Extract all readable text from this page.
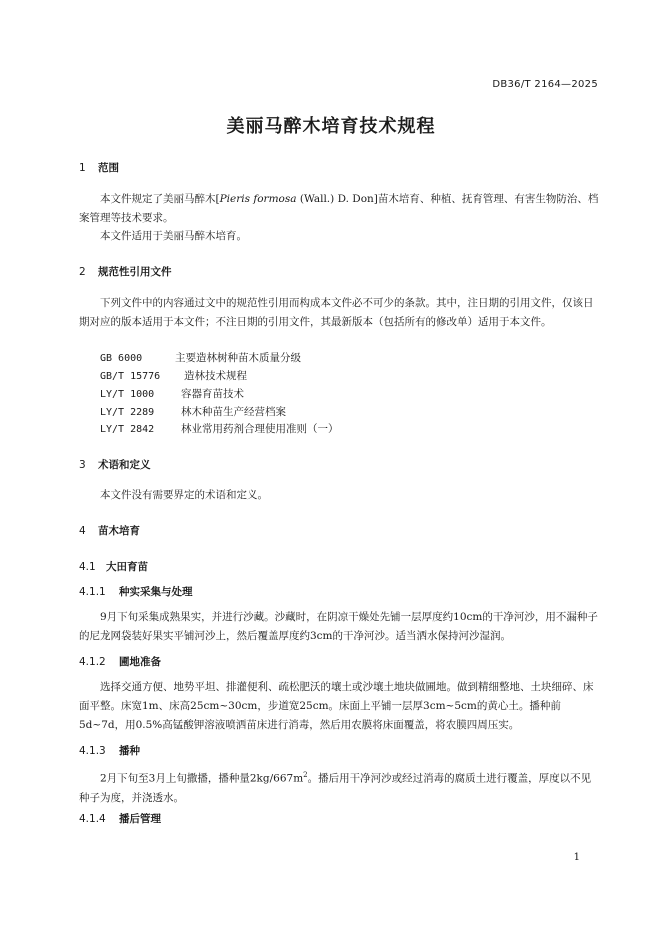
DB36/T 2164—2025
美丽马醉木培育技术规程
1 范围
本文件规定了美丽马醉木[Pieris formosa (Wall.) D. Don]苗木培育、种植、抚育管理、有害生物防治、档案管理等技术要求。
本文件适用于美丽马醉木培育。
2 规范性引用文件
下列文件中的内容通过文中的规范性引用而构成本文件必不可少的条款。其中，注日期的引用文件，仅该日期对应的版本适用于本文件；不注日期的引用文件，其最新版本（包括所有的修改单）适用于本文件。
GB 6000	主要造林树种苗木质量分级
GB/T 15776 造林技术规程
LY/T 1000	容器育苗技术
LY/T 2289	林木种苗生产经营档案
LY/T 2842	林业常用药剂合理使用准则（一）
3 术语和定义
本文件没有需要界定的术语和定义。
4 苗木培育
4.1 大田育苗
4.1.1 种实采集与处理
9月下旬采集成熟果实，并进行沙藏。沙藏时，在阴凉干燥处先铺一层厚度约10cm的干净河沙，用不漏种子的尼龙网袋装好果实平铺河沙上，然后覆盖厚度约3cm的干净河沙。适当洒水保持河沙湿润。
4.1.2 圃地准备
选择交通方便、地势平坦、排灌便利、疏松肥沃的壤土或沙壤土地块做圃地。做到精细整地、土块细碎、床面平整。床宽1m、床高25cm~30cm，步道宽25cm。床面上平铺一层厚3cm~5cm的黄心土。播种前5d~7d，用0.5%高锰酸钾溶液喷洒苗床进行消毒，然后用农膜将床面覆盖，将农膜四周压实。
4.1.3 播种
2月下旬至3月上旬撒播，播种量$2kg/667m^2$。播后用干净河沙或经过消毒的腐质土进行覆盖，厚度以不见种子为度，并浇透水。
4.1.4 播后管理
1
